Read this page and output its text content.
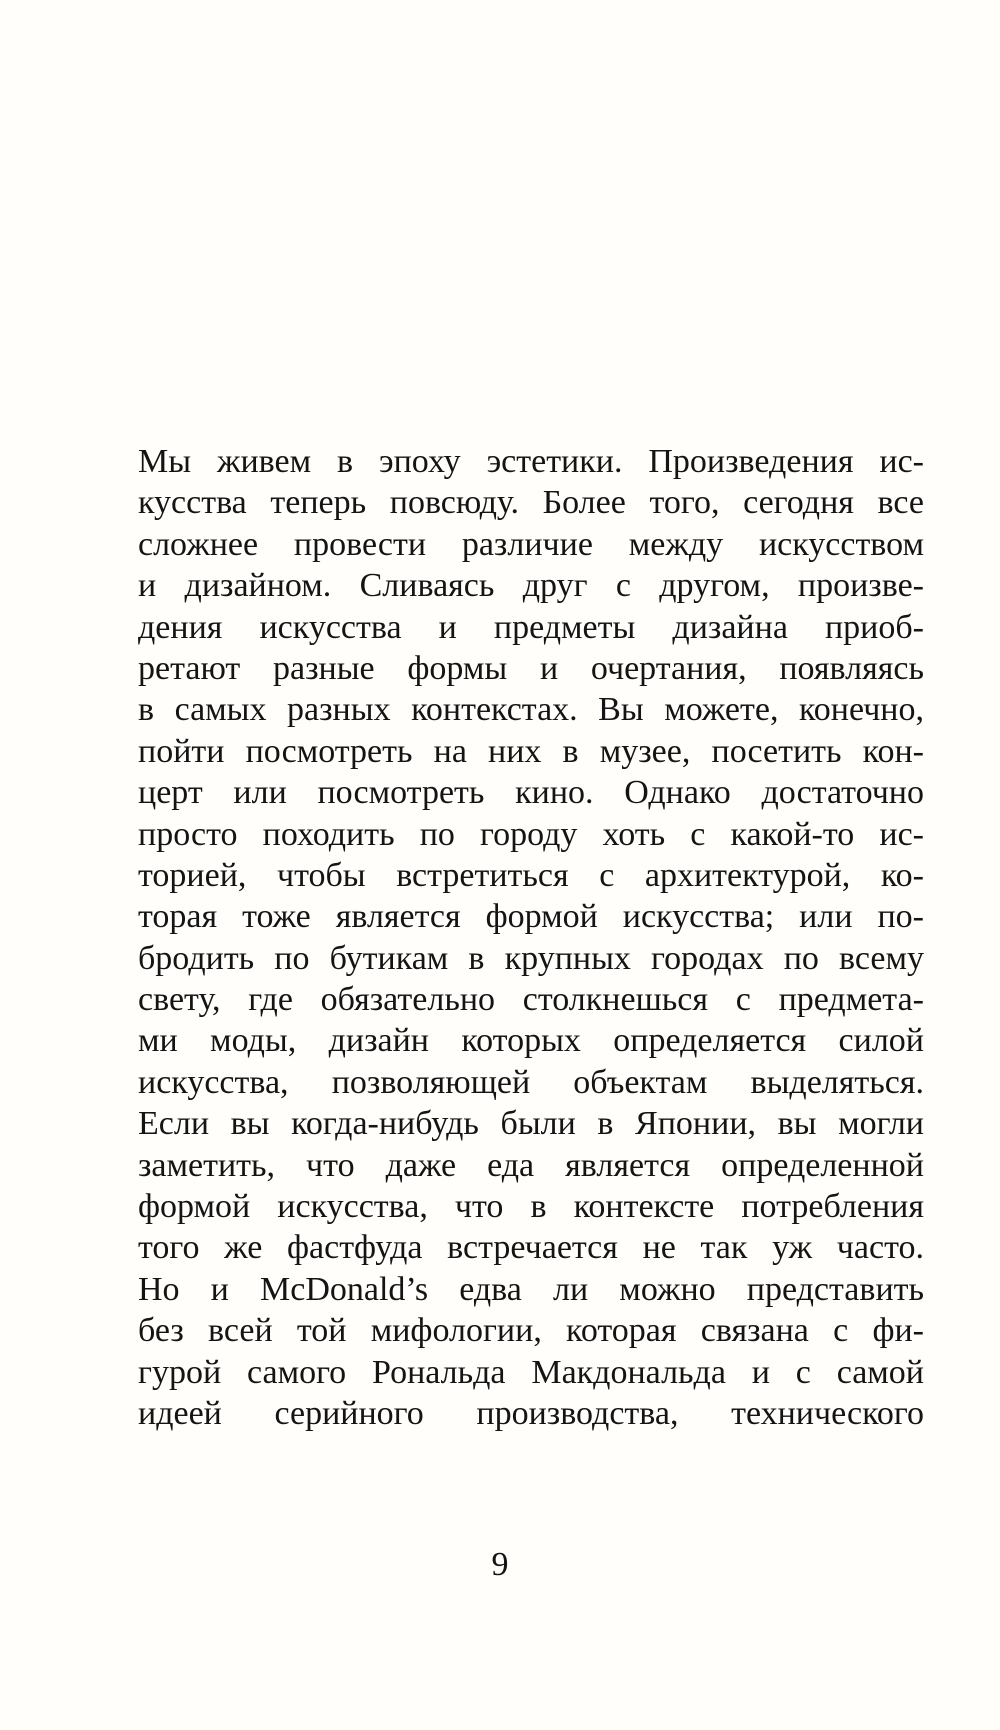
Мы живем в эпоху эстетики. Произведения ис-
кусства теперь повсюду. Более того, сегодня все
сложнее провести различие между искусством
и дизайном. Сливаясь друг с другом, произве-
дения искусства и предметы дизайна приоб-
ретают разные формы и очертания, появляясь
в самых разных контекстах. Вы можете, конечно,
пойти посмотреть на них в музее, посетить кон-
церт или посмотреть кино. Однако достаточно
просто походить по городу хоть с какой-то ис-
торией, чтобы встретиться с архитектурой, ко-
торая тоже является формой искусства; или по-
бродить по бутикам в крупных городах по всему
свету, где обязательно столкнешься с предмета-
ми моды, дизайн которых определяется силой
искусства, позволяющей объектам выделяться.
Если вы когда-нибудь были в Японии, вы могли
заметить, что даже еда является определенной
формой искусства, что в контексте потребления
того же фастфуда встречается не так уж часто.
Но и McDonald’s едва ли можно представить
без всей той мифологии, которая связана с фи-
гурой самого Рональда Макдональда и с самой
идеей серийного производства, технического
9
